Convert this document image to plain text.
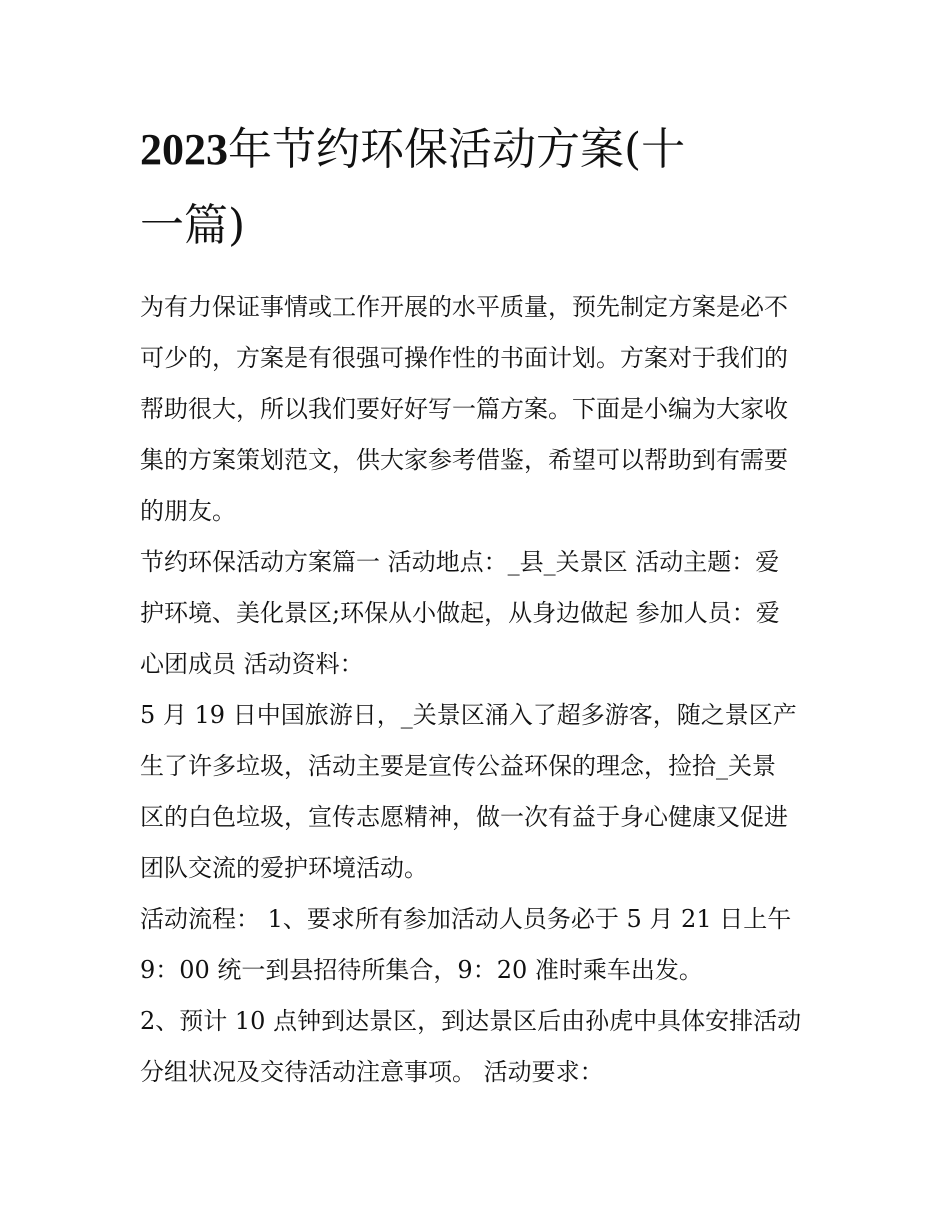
2023年节约环保活动方案(十
一篇)

为有力保证事情或工作开展的水平质量，预先制定方案是必不
可少的，方案是有很强可操作性的书面计划。方案对于我们的
帮助很大，所以我们要好好写一篇方案。下面是小编为大家收
集的方案策划范文，供大家参考借鉴，希望可以帮助到有需要
的朋友。

节约环保活动方案篇一 活动地点：_县_关景区 活动主题：爱
护环境、美化景区;环保从小做起，从身边做起 参加人员：爱
心团成员 活动资料：

5 月 19 日中国旅游日，_关景区涌入了超多游客，随之景区产
生了许多垃圾，活动主要是宣传公益环保的理念，捡拾_关景
区的白色垃圾，宣传志愿精神，做一次有益于身心健康又促进
团队交流的爱护环境活动。

活动流程： 1、要求所有参加活动人员务必于 5 月 21 日上午
9：00 统一到县招待所集合，9：20 准时乘车出发。

2、预计 10 点钟到达景区，到达景区后由孙虎中具体安排活动
分组状况及交待活动注意事项。 活动要求：
